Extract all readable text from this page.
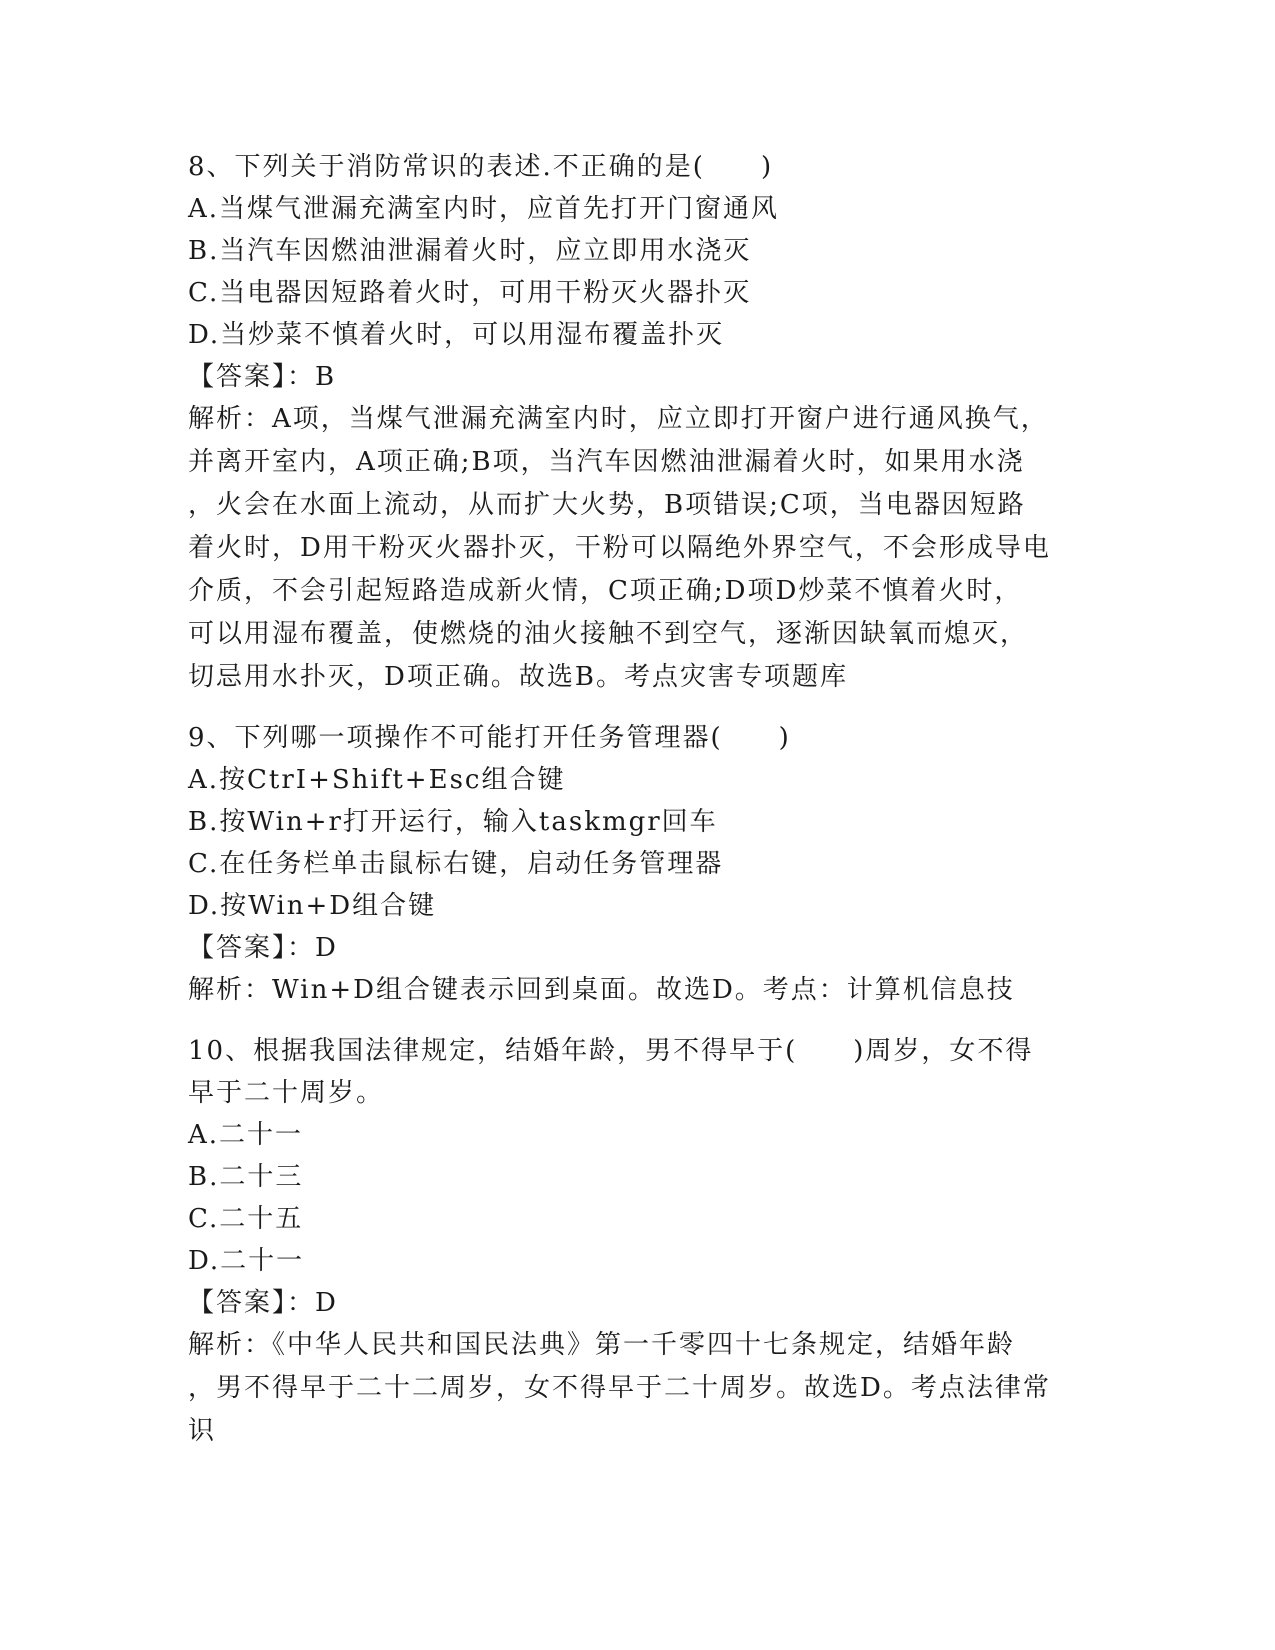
8、下列关于消防常识的表述.不正确的是(　　)
A.当煤气泄漏充满室内时，应首先打开门窗通风
B.当汽车因燃油泄漏着火时，应立即用水浇灭
C.当电器因短路着火时，可用干粉灭火器扑灭
D.当炒菜不慎着火时，可以用湿布覆盖扑灭
【答案】：B
解析：A项，当煤气泄漏充满室内时，应立即打开窗户进行通风换气，
并离开室内，A项正确;B项，当汽车因燃油泄漏着火时，如果用水浇
，火会在水面上流动，从而扩大火势，B项错误;C项，当电器因短路
着火时，D用干粉灭火器扑灭，干粉可以隔绝外界空气，不会形成导电
介质，不会引起短路造成新火情，C项正确;D项D炒菜不慎着火时，
可以用湿布覆盖，使燃烧的油火接触不到空气，逐渐因缺氧而熄灭，
切忌用水扑灭，D项正确。故选B。考点灾害专项题库
9、下列哪一项操作不可能打开任务管理器(　　)
A.按CtrI+Shift+Esc组合键
B.按Win+r打开运行，输入taskmgr回车
C.在任务栏单击鼠标右键，启动任务管理器
D.按Win+D组合键
【答案】：D
解析：Win+D组合键表示回到桌面。故选D。考点：计算机信息技
10、根据我国法律规定，结婚年龄，男不得早于(　　)周岁，女不得
早于二十周岁。
A.二十一
B.二十三
C.二十五
D.二十一
【答案】：D
解析：《中华人民共和国民法典》第一千零四十七条规定，结婚年龄
，男不得早于二十二周岁，女不得早于二十周岁。故选D。考点法律常
识
